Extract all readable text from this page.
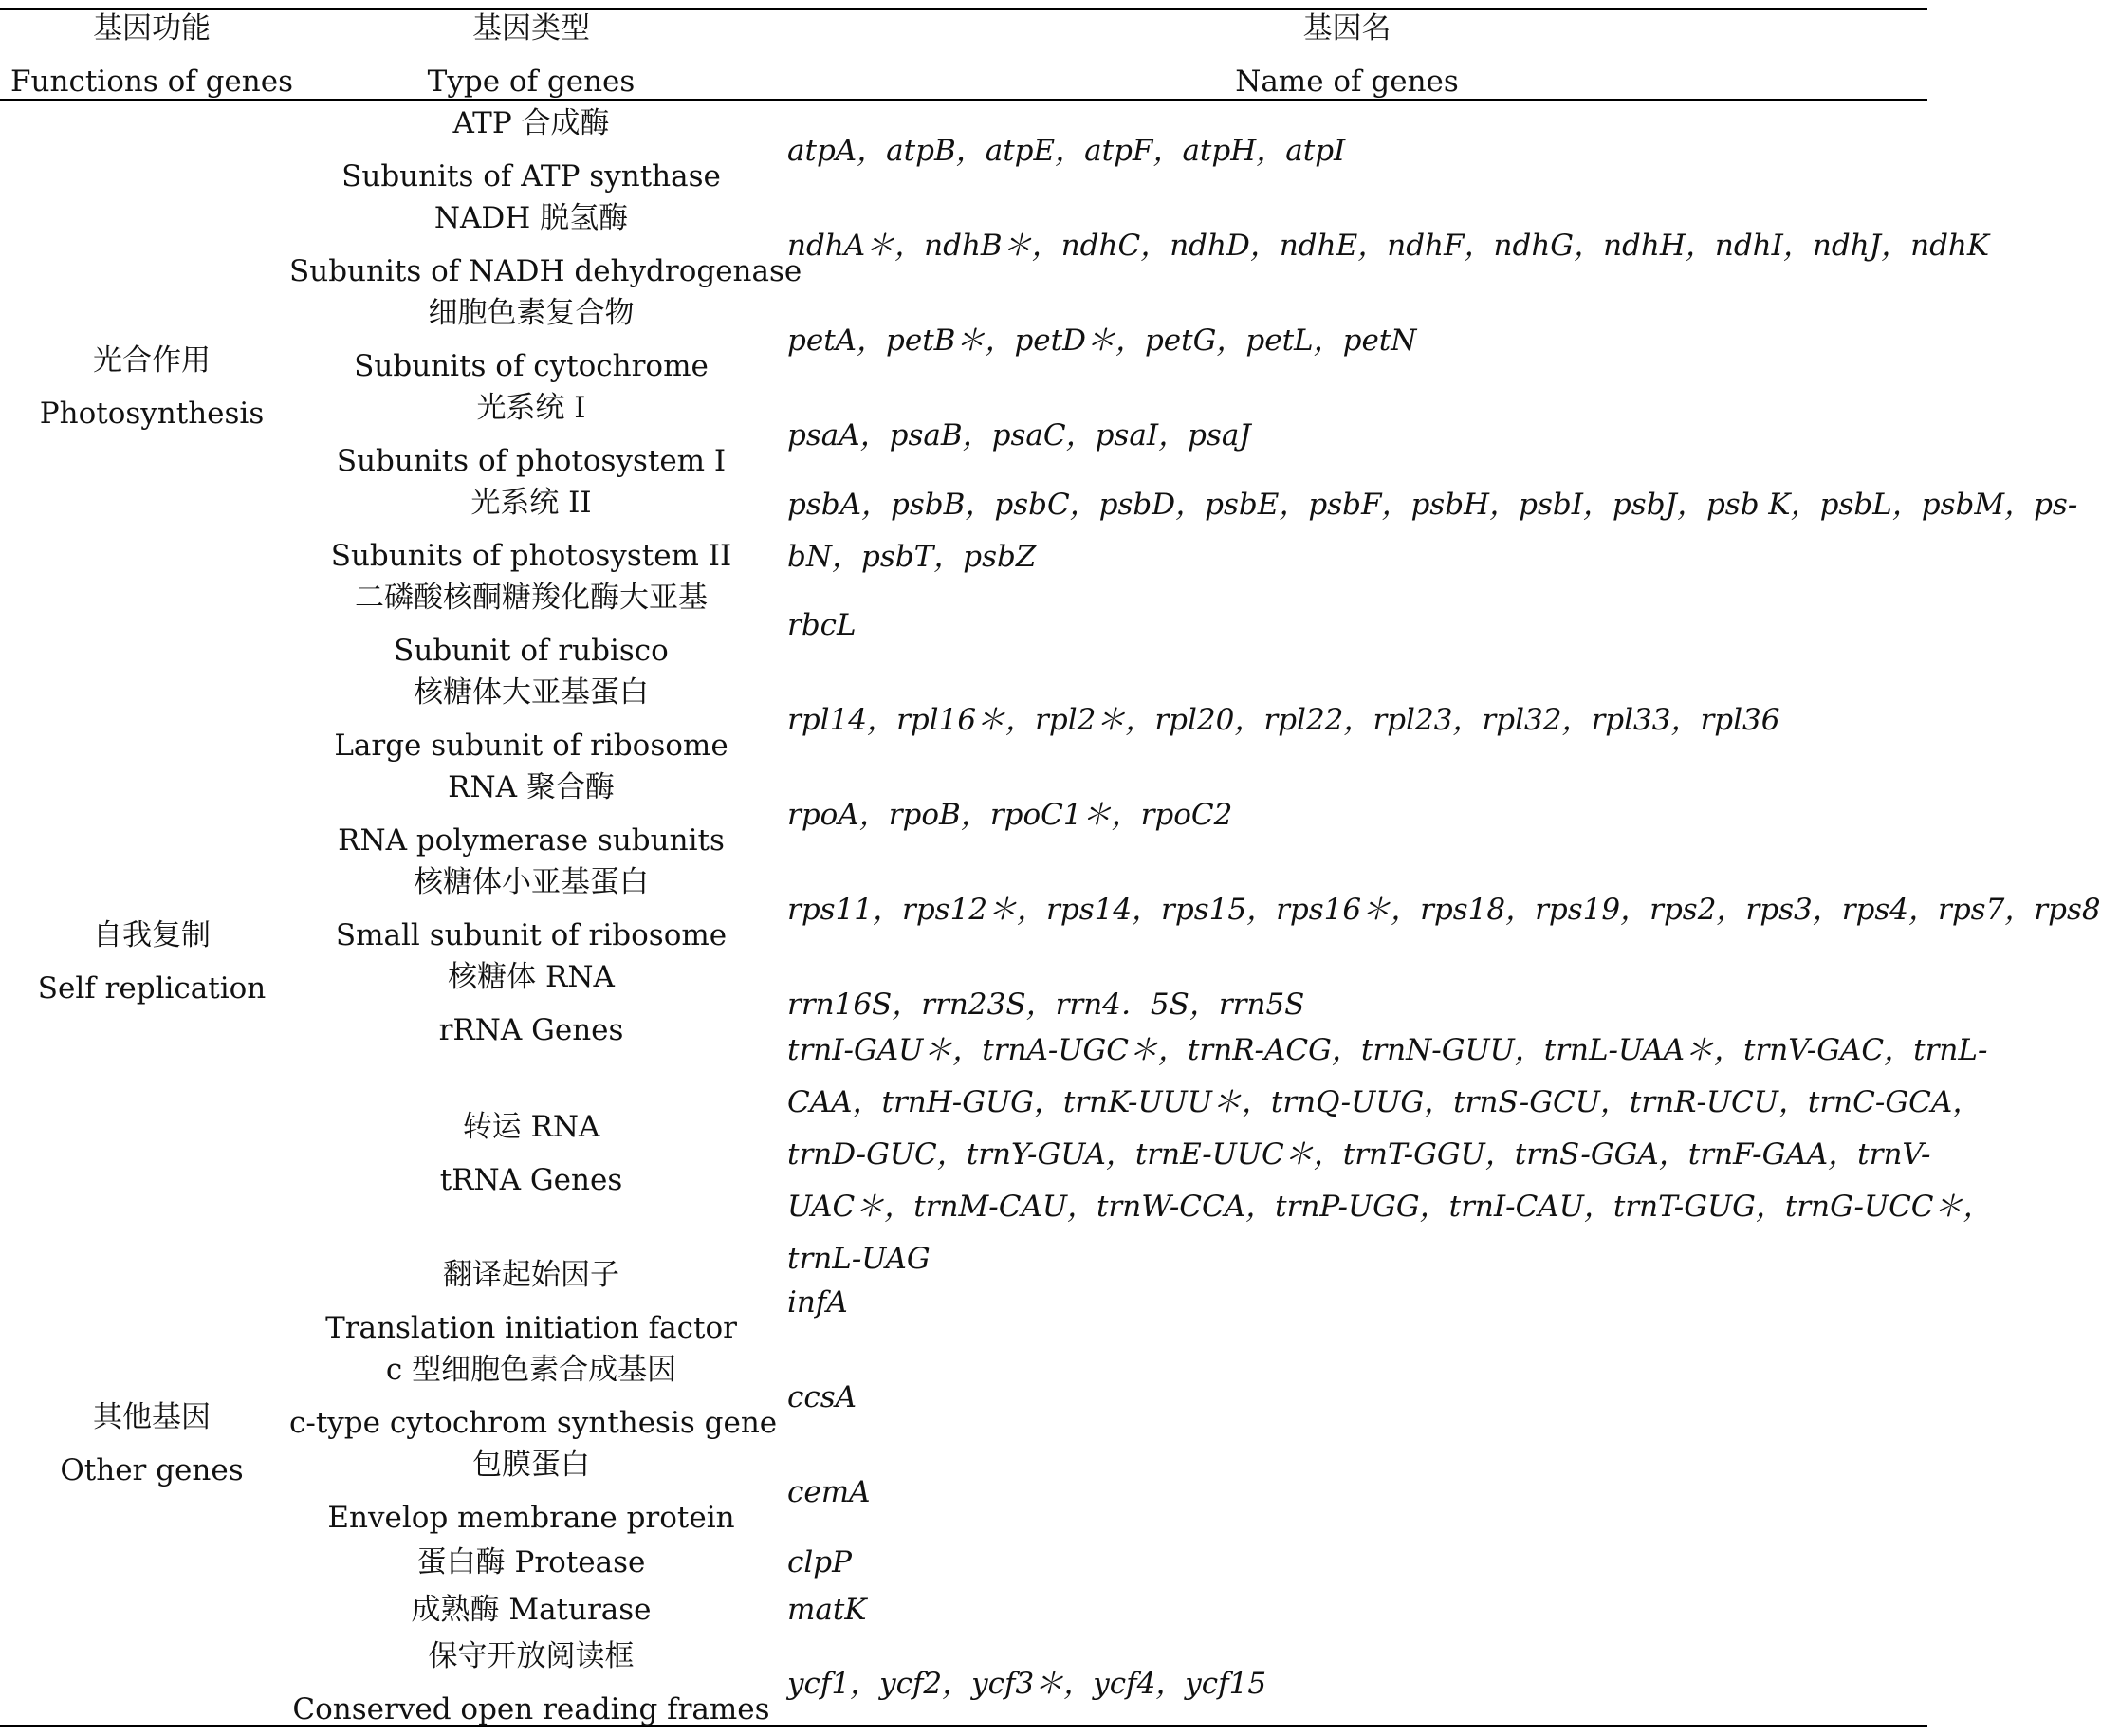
基因功能
Functions of genes
基因类型
Type of genes
基因名
Name of genes
光合作用
Photosynthesis
自我复制
Self replication
其他基因
Other genes
ATP 合成酶
Subunits of ATP synthase
NADH 脱氢酶
Subunits of NADH dehydrogenase
细胞色素复合物
Subunits of cytochrome
光系统 I
Subunits of photosystem I
光系统 II
Subunits of photosystem II
二磷酸核酮糖羧化酶大亚基
Subunit of rubisco
核糖体大亚基蛋白
Large subunit of ribosome
RNA 聚合酶
RNA polymerase subunits
核糖体小亚基蛋白
Small subunit of ribosome
核糖体 RNA
rRNA Genes
转运 RNA
tRNA Genes
翻译起始因子
Translation initiation factor
c 型细胞色素合成基因
c-type cytochrom synthesis gene
包膜蛋白
Envelop membrane protein
蛋白酶 Protease
成熟酶 Maturase
保守开放阅读框
Conserved open reading frames
atpA，atpB，atpE，atpF，atpH，atpI
ndhA＊，ndhB＊，ndhC，ndhD，ndhE，ndhF，ndhG，ndhH，ndhI，ndhJ，ndhK
petA，petB＊，petD＊，petG，petL，petN
psaA，psaB，psaC，psaI，psaJ
psbA，psbB，psbC，psbD，psbE，psbF，psbH，psbI，psbJ，psb K，psbL，psbM，ps-
bN，psbT，psbZ
rbcL
rpl14，rpl16＊，rpl2＊，rpl20，rpl22，rpl23，rpl32，rpl33，rpl36
rpoA，rpoB，rpoC1＊，rpoC2
rps11，rps12＊，rps14，rps15，rps16＊，rps18，rps19，rps2，rps3，rps4，rps7，rps8
rrn16S，rrn23S，rrn4．5S，rrn5S
trnI-GAU＊，trnA-UGC＊，trnR-ACG，trnN-GUU，trnL-UAA＊，trnV-GAC，trnL-
CAA，trnH-GUG，trnK-UUU＊，trnQ-UUG，trnS-GCU，trnR-UCU，trnC-GCA，
trnD-GUC，trnY-GUA，trnE-UUC＊，trnT-GGU，trnS-GGA，trnF-GAA，trnV-
UAC＊，trnM-CAU，trnW-CCA，trnP-UGG，trnI-CAU，trnT-GUG，trnG-UCC＊，
trnL-UAG
infA
ccsA
cemA
clpP
matK
ycf1，ycf2，ycf3＊，ycf4，ycf15
